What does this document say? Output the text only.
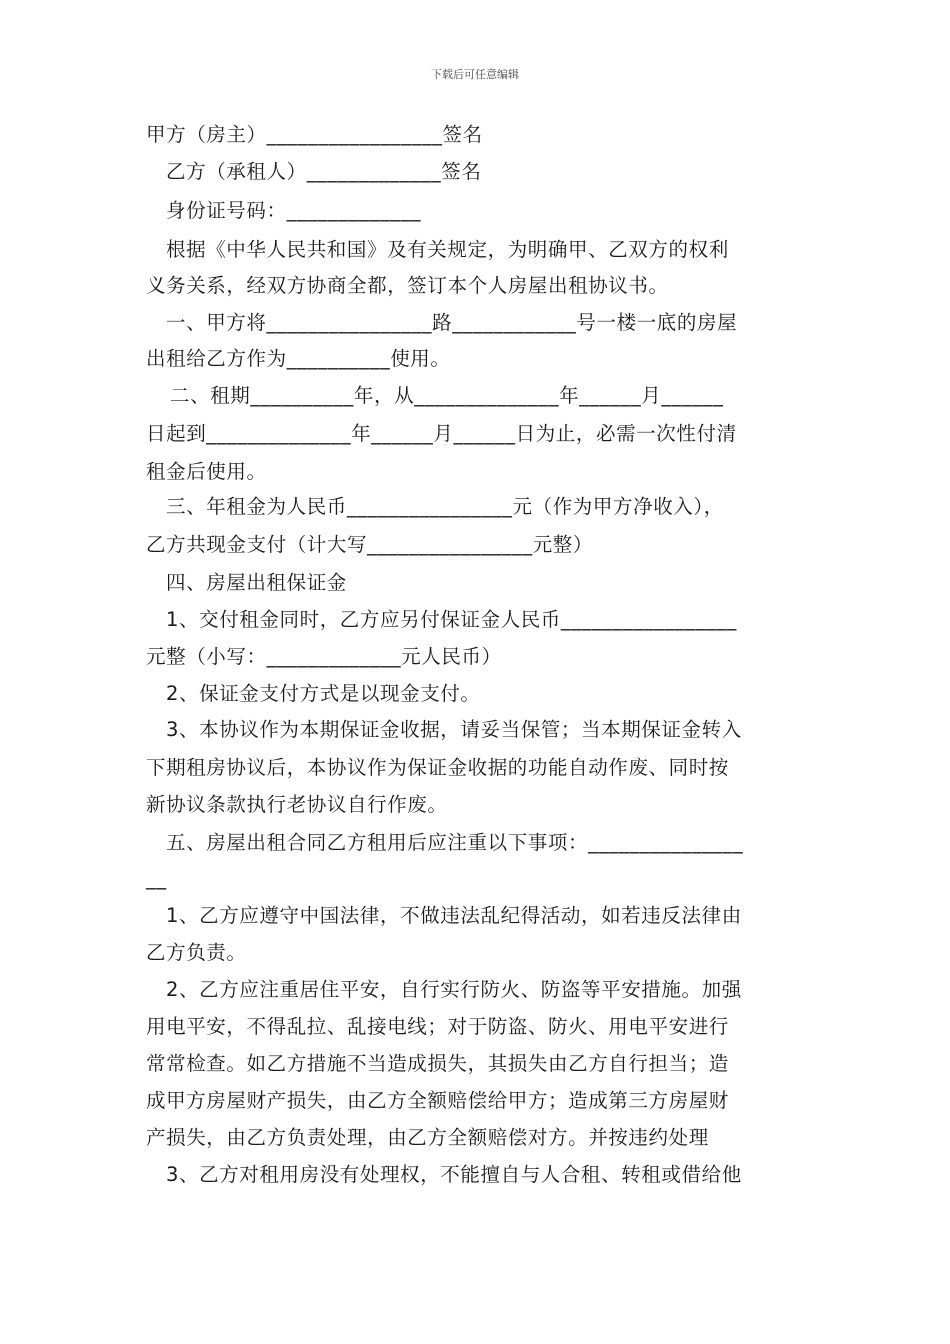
下载后可任意编辑
甲方（房主）_________________签名
乙方（承租人）_____________签名
身份证号码：_____________
根据《中华人民共和国》及有关规定，为明确甲、乙双方的权利
义务关系，经双方协商全都，签订本个人房屋出租协议书。
一、甲方将________________路____________号一楼一底的房屋
出租给乙方作为__________使用。
二、租期__________年，从______________年______月______
日起到______________年______月______日为止，必需一次性付清
租金后使用。
三、年租金为人民币________________元（作为甲方净收入），
乙方共现金支付（计大写________________元整）
四、房屋出租保证金
1、交付租金同时，乙方应另付保证金人民币_________________
元整（小写：_____________元人民币）
2、保证金支付方式是以现金支付。
3、本协议作为本期保证金收据，请妥当保管；当本期保证金转入
下期租房协议后，本协议作为保证金收据的功能自动作废、同时按
新协议条款执行老协议自行作废。
五、房屋出租合同乙方租用后应注重以下事项：_______________
__
1、乙方应遵守中国法律，不做违法乱纪得活动，如若违反法律由
乙方负责。
2、乙方应注重居住平安，自行实行防火、防盗等平安措施。加强
用电平安，不得乱拉、乱接电线；对于防盗、防火、用电平安进行
常常检查。如乙方措施不当造成损失，其损失由乙方自行担当；造
成甲方房屋财产损失，由乙方全额赔偿给甲方；造成第三方房屋财
产损失，由乙方负责处理，由乙方全额赔偿对方。并按违约处理
3、乙方对租用房没有处理权，不能擅自与人合租、转租或借给他
